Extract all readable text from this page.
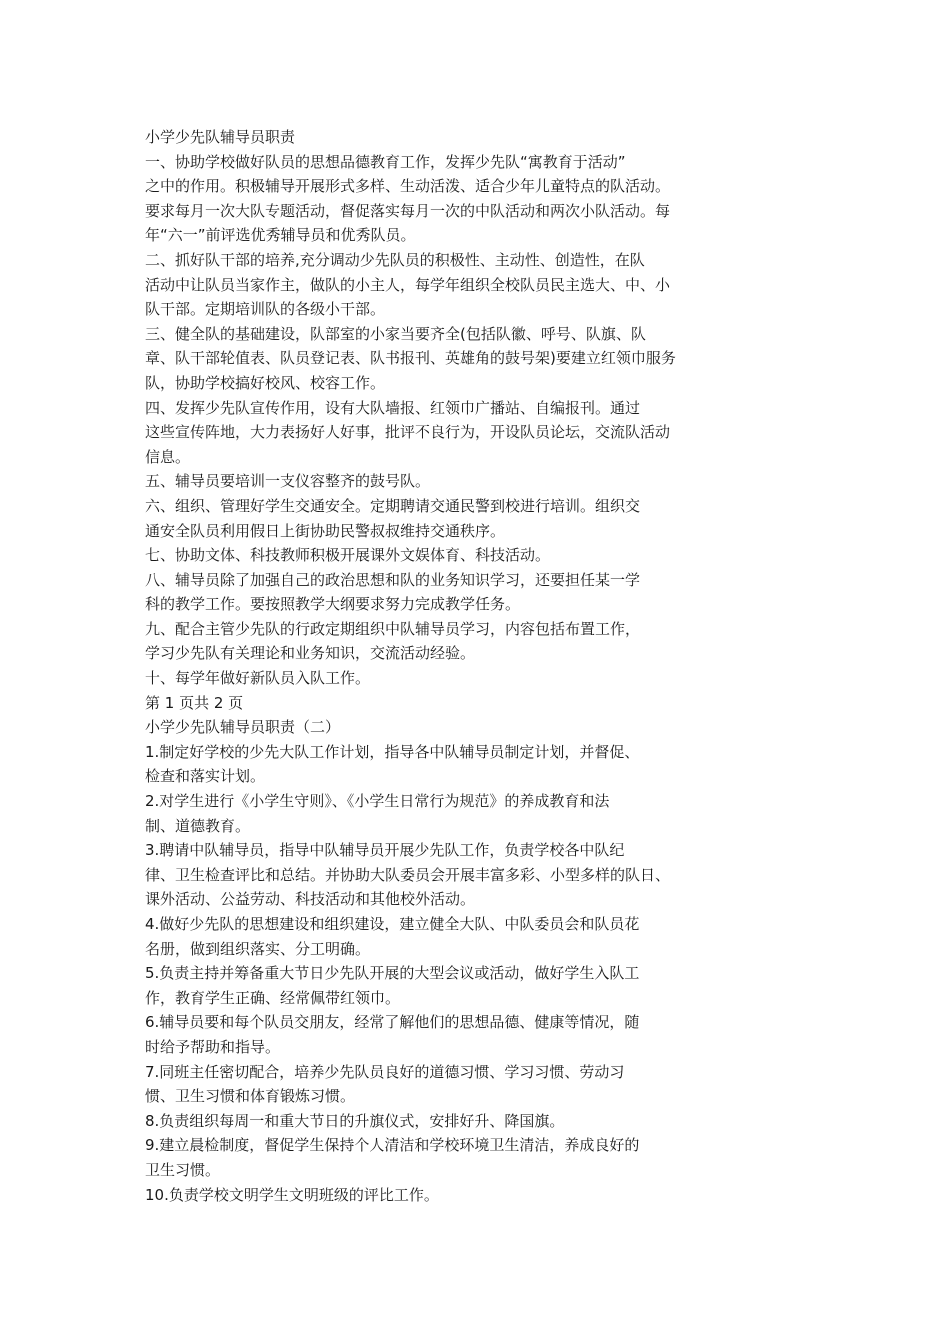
小学少先队辅导员职责
一、协助学校做好队员的思想品德教育工作，发挥少先队“寓教育于活动”
之中的作用。积极辅导开展形式多样、生动活泼、适合少年儿童特点的队活动。
要求每月一次大队专题活动，督促落实每月一次的中队活动和两次小队活动。每
年“六一”前评选优秀辅导员和优秀队员。
二、抓好队干部的培养,充分调动少先队员的积极性、主动性、创造性，在队
活动中让队员当家作主，做队的小主人，每学年组织全校队员民主选大、中、小
队干部。定期培训队的各级小干部。
三、健全队的基础建设，队部室的小家当要齐全(包括队徽、呼号、队旗、队
章、队干部轮值表、队员登记表、队书报刊、英雄角的鼓号架)要建立红领巾服务
队，协助学校搞好校风、校容工作。
四、发挥少先队宣传作用，设有大队墙报、红领巾广播站、自编报刊。通过
这些宣传阵地，大力表扬好人好事，批评不良行为，开设队员论坛，交流队活动
信息。
五、辅导员要培训一支仪容整齐的鼓号队。
六、组织、管理好学生交通安全。定期聘请交通民警到校进行培训。组织交
通安全队员利用假日上街协助民警叔叔维持交通秩序。
七、协助文体、科技教师积极开展课外文娱体育、科技活动。
八、辅导员除了加强自己的政治思想和队的业务知识学习，还要担任某一学
科的教学工作。要按照教学大纲要求努力完成教学任务。
九、配合主管少先队的行政定期组织中队辅导员学习，内容包括布置工作，
学习少先队有关理论和业务知识，交流活动经验。
十、每学年做好新队员入队工作。
第 1 页共 2 页
小学少先队辅导员职责（二）
1.制定好学校的少先大队工作计划，指导各中队辅导员制定计划，并督促、
检查和落实计划。
2.对学生进行《小学生守则》、《小学生日常行为规范》的养成教育和法
制、道德教育。
3.聘请中队辅导员，指导中队辅导员开展少先队工作，负责学校各中队纪
律、卫生检查评比和总结。并协助大队委员会开展丰富多彩、小型多样的队日、
课外活动、公益劳动、科技活动和其他校外活动。
4.做好少先队的思想建设和组织建设，建立健全大队、中队委员会和队员花
名册，做到组织落实、分工明确。
5.负责主持并筹备重大节日少先队开展的大型会议或活动，做好学生入队工
作，教育学生正确、经常佩带红领巾。
6.辅导员要和每个队员交朋友，经常了解他们的思想品德、健康等情况，随
时给予帮助和指导。
7.同班主任密切配合，培养少先队员良好的道德习惯、学习习惯、劳动习
惯、卫生习惯和体育锻炼习惯。
8.负责组织每周一和重大节日的升旗仪式，安排好升、降国旗。
9.建立晨检制度，督促学生保持个人清洁和学校环境卫生清洁，养成良好的
卫生习惯。
10.负责学校文明学生文明班级的评比工作。
